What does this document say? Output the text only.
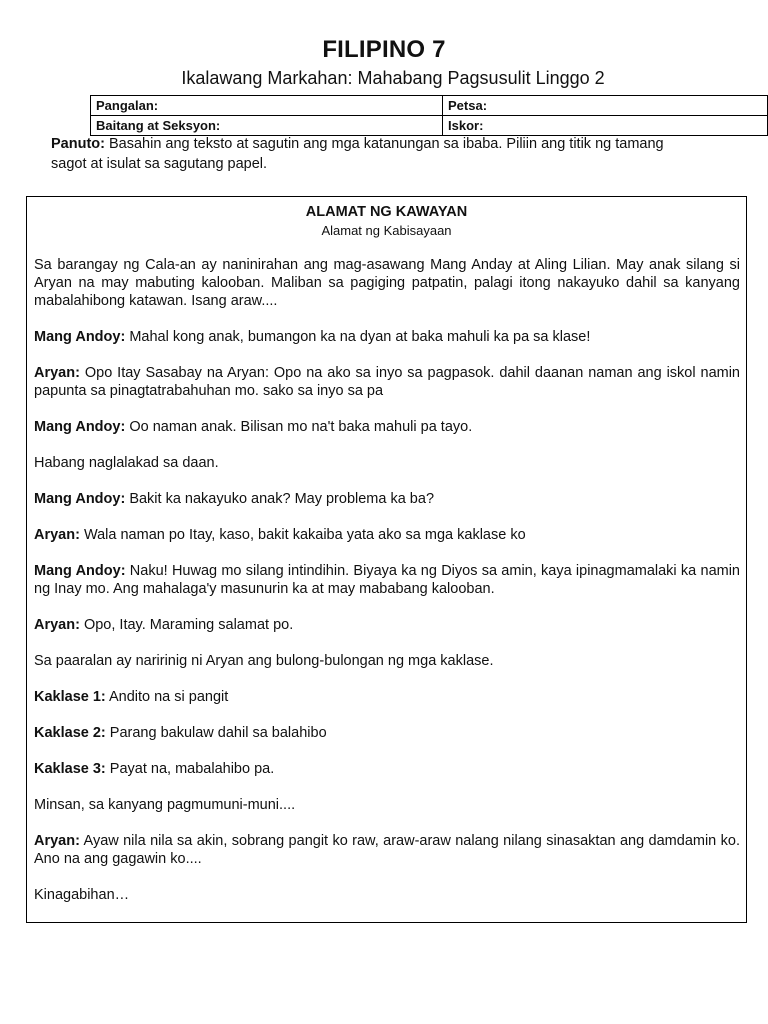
FILIPINO 7
Ikalawang Markahan: Mahabang Pagsusulit Linggo 2
Pangalan:	Petsa:
Baitang at Seksyon:	Iskor:
Panuto: Basahin ang teksto at sagutin ang mga katanungan sa ibaba. Piliin ang titik ng tamang sagot at isulat sa sagutang papel.
ALAMAT NG KAWAYAN
Alamat ng Kabisayaan

Sa barangay ng Cala-an ay naninirahan ang mag-asawang Mang Anday at Aling Lilian. May anak silang si Aryan na may mabuting kalooban. Maliban sa pagiging patpatin, palagi itong nakayuko dahil sa kanyang mabalahibong katawan. Isang araw....

Mang Andoy: Mahal kong anak, bumangon ka na dyan at baka mahuli ka pa sa klase!

Aryan: Opo Itay Sasabay na Aryan: Opo na ako sa inyo sa pagpasok. dahil daanan naman ang iskol namin papunta sa pinagtatrabahuhan mo. sako sa inyo sa pa

Mang Andoy: Oo naman anak. Bilisan mo na't baka mahuli pa tayo.

Habang naglalakad sa daan.

Mang Andoy: Bakit ka nakayuko anak? May problema ka ba?

Aryan: Wala naman po Itay, kaso, bakit kakaiba yata ako sa mga kaklase ko

Mang Andoy: Naku! Huwag mo silang intindihin. Biyaya ka ng Diyos sa amin, kaya ipinagmamalaki ka namin ng Inay mo. Ang mahalaga'y masunurin ka at may mababang kalooban.

Aryan: Opo, Itay. Maraming salamat po.

Sa paaralan ay naririnig ni Aryan ang bulong-bulongan ng mga kaklase.

Kaklase 1: Andito na si pangit

Kaklase 2: Parang bakulaw dahil sa balahibo

Kaklase 3: Payat na, mabalahibo pa.

Minsan, sa kanyang pagmumuni-muni....

Aryan: Ayaw nila nila sa akin, sobrang pangit ko raw, araw-araw nalang nilang sinasaktan ang damdamin ko. Ano na ang gagawin ko....

Kinagabihan…
